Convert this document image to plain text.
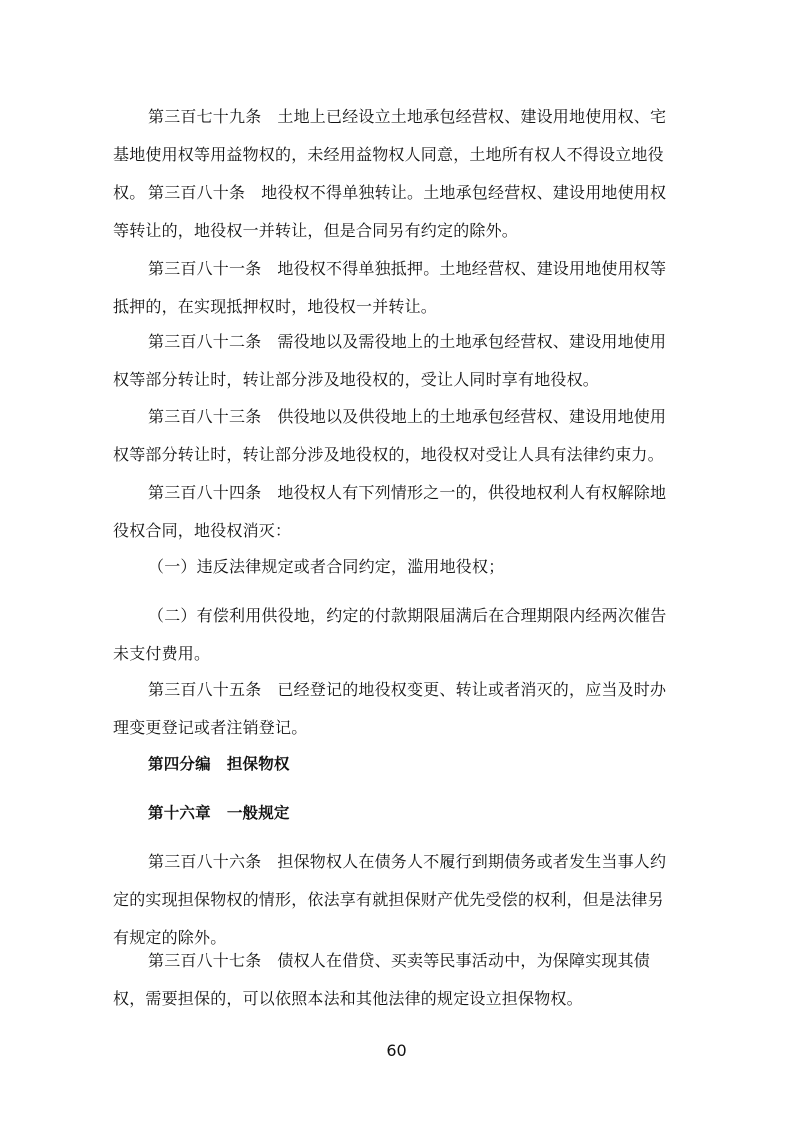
第三百七十九条 土地上已经设立土地承包经营权、建设用地使用权、宅基地使用权等用益物权的，未经用益物权人同意，土地所有权人不得设立地役权。 第三百八十条 地役权不得单独转让。土地承包经营权、建设用地使用权等转让的，地役权一并转让，但是合同另有约定的除外。

第三百八十一条 地役权不得单独抵押。土地经营权、建设用地使用权等抵押的，在实现抵押权时，地役权一并转让。

第三百八十二条 需役地以及需役地上的土地承包经营权、建设用地使用权等部分转让时，转让部分涉及地役权的，受让人同时享有地役权。

第三百八十三条 供役地以及供役地上的土地承包经营权、建设用地使用权等部分转让时，转让部分涉及地役权的，地役权对受让人具有法律约束力。

第三百八十四条 地役权人有下列情形之一的，供役地权利人有权解除地役权合同，地役权消灭：

（一）违反法律规定或者合同约定，滥用地役权；

（二）有偿利用供役地，约定的付款期限届满后在合理期限内经两次催告未支付费用。

第三百八十五条 已经登记的地役权变更、转让或者消灭的，应当及时办理变更登记或者注销登记。

第四分编 担保物权

第十六章 一般规定

第三百八十六条 担保物权人在债务人不履行到期债务或者发生当事人约定的实现担保物权的情形，依法享有就担保财产优先受偿的权利，但是法律另有规定的除外。

第三百八十七条 债权人在借贷、买卖等民事活动中，为保障实现其债权，需要担保的，可以依照本法和其他法律的规定设立担保物权。

60
